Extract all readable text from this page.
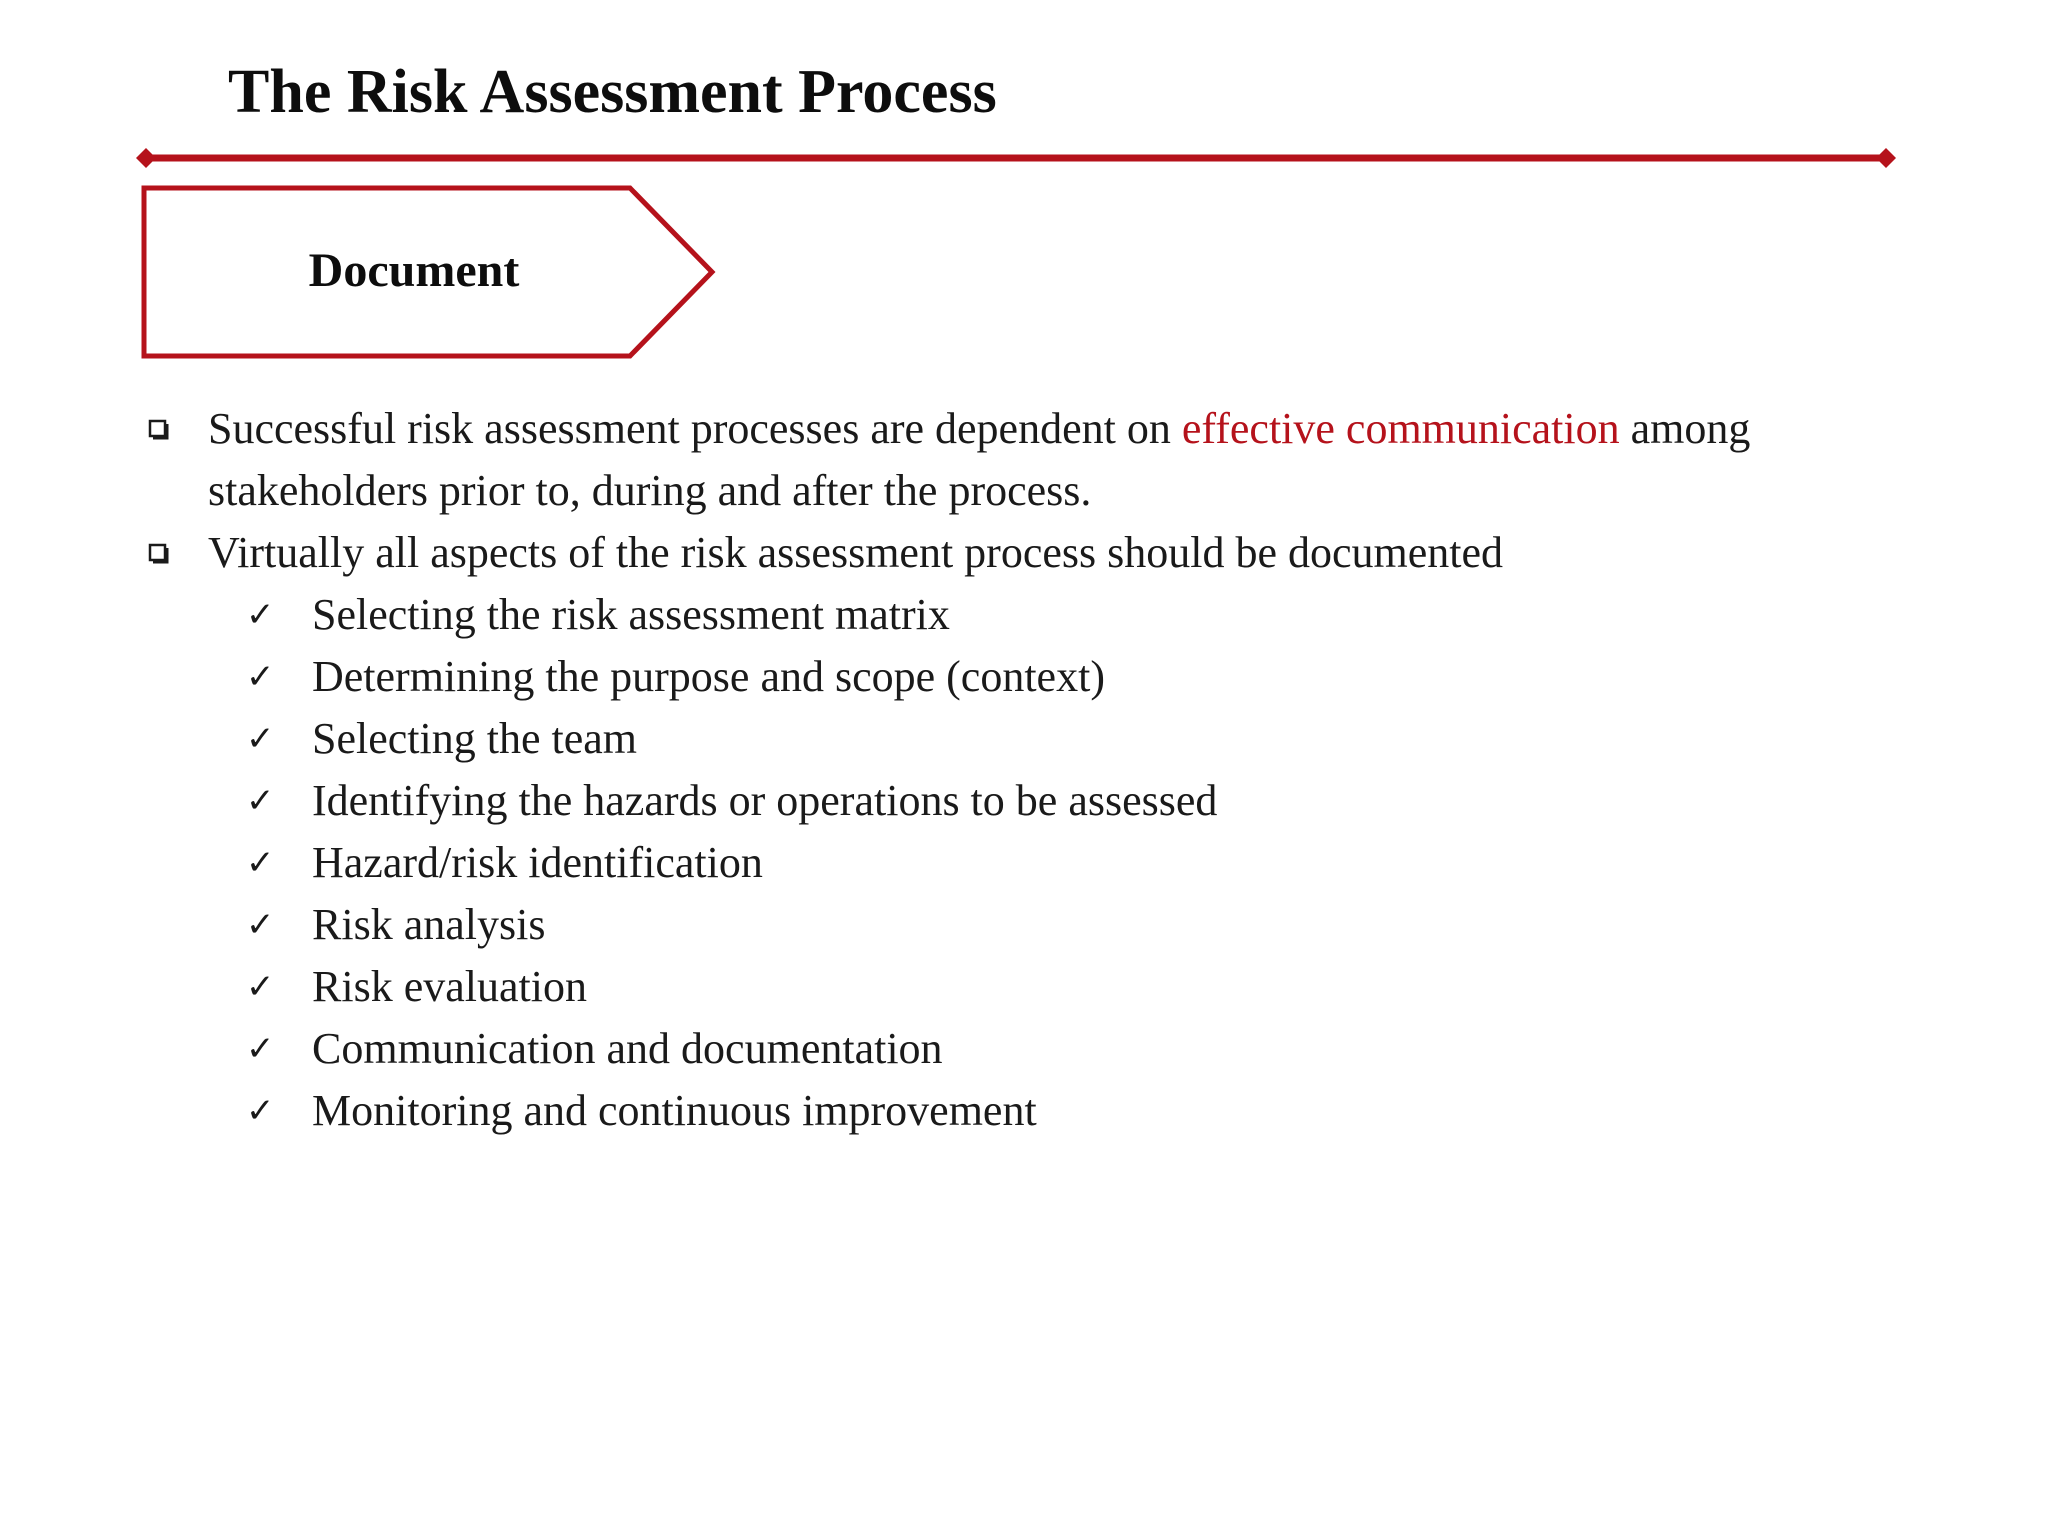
The Risk Assessment Process
Document
Successful risk assessment processes are dependent on effective communication among stakeholders prior to, during and after the process.
Virtually all aspects of the risk assessment process should be documented
✓ Selecting the risk assessment matrix
✓ Determining the purpose and scope (context)
✓ Selecting the team
✓ Identifying the hazards or operations to be assessed
✓ Hazard/risk identification
✓ Risk analysis
✓ Risk evaluation
✓ Communication and documentation
✓ Monitoring and continuous improvement
